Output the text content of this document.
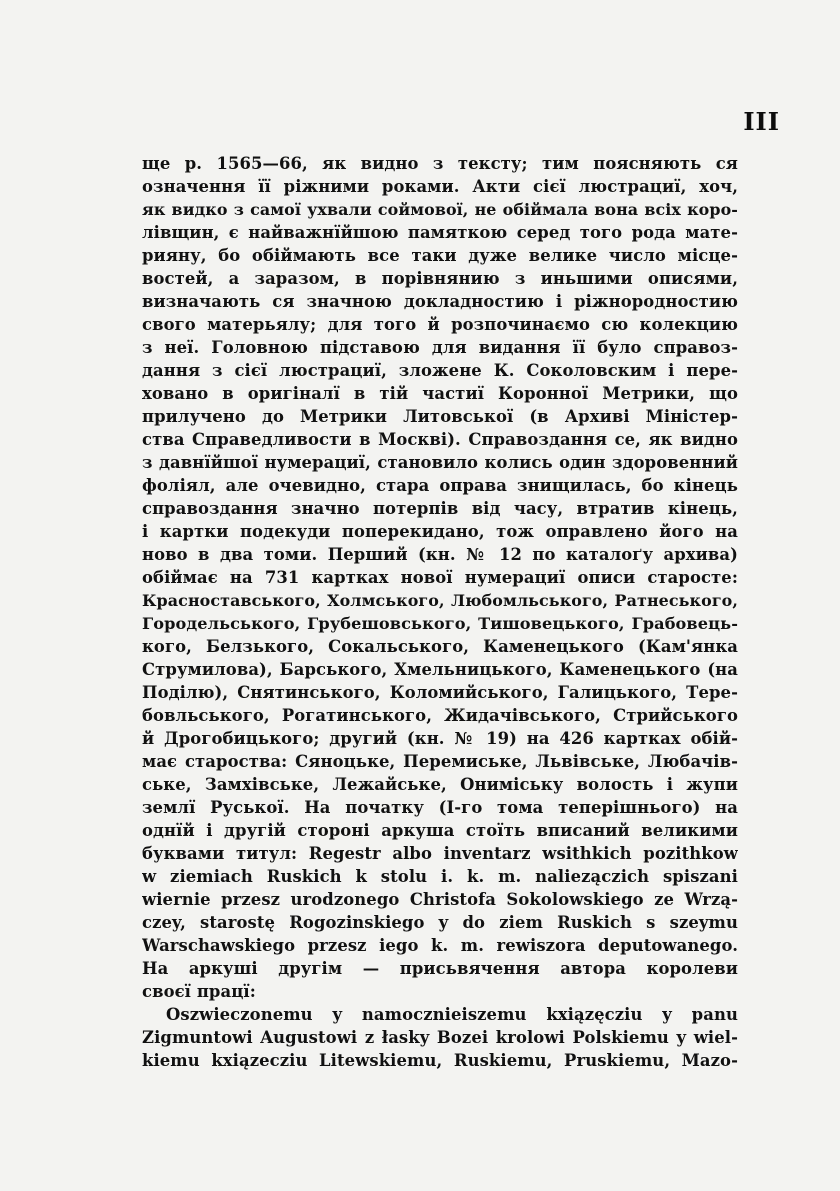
III
ще р. 1565—66, як видно з тексту; тим поясняють ся
означення її ріжними роками. Акти сієї люстрациї, хоч,
як видко з самої ухвали соймової, не обіймала вона всіх коро-
лівщин, є найважнїйшою памяткою серед того рода мате-
рияну, бо обіймають все таки дуже велике число місце-
востей, а заразом, в порівнянию з иньшими описями,
визначають ся значною докладностию і ріжнородностию
свого матерьялу; для того й розпочинаємо сю колекцию
з неї. Головною підставою для видання її було справоз-
дання з сієї люстрациї, зложене К. Соколовским і пере-
ховано в оригіналї в тій частиї Коронної Метрики, що
прилучено до Метрики Литовської (в Архиві Міністер-
ства Справедливости в Москві). Справоздання се, як видно
з давнїйшої нумерациї, становило колись один здоровенний
фоліял, але очевидно, стара оправа знищилась, бо кінець
справоздання значно потерпів від часу, втратив кінець,
і картки подекуди поперекидано, тож оправлено його на
ново в два томи. Перший (кн. № 12 по каталоґу архива)
обіймає на 731 картках нової нумерациї описи старосте:
Красноставського, Холмського, Любомльського, Ратнеського,
Городельського, Грубешовського, Тишовецького, Грабовець-
кого, Белзького, Сокальського, Каменецького (Кам'янка
Струмилова), Барського, Хмельницького, Каменецького (на
Поділю), Снятинського, Коломийського, Галицького, Тере-
бовльського, Рогатинського, Жидачівського, Стрийського
й Дрогобицького; другий (кн. № 19) на 426 картках обій-
має староства: Сяноцьке, Перемиське, Львівське, Любачів-
ське, Замхівське, Лежайське, Ониміську волость і жупи
землї Руської. На початку (I-го тома теперішнього) на
однїй і другій стороні аркуша стоїть вписаний великими
буквами титул: Regestr albo inventarz wsithkich pozithkow
w ziemiach Ruskich k stolu i. k. m. naliezączich spiszani
wiernie przesz urodzonego Christofa Sokolowskiego ze Wrzą-
czey, starostę Rogozinskiego y do ziem Ruskich s szeymu
Warschawskiego przesz iego k. m. rewiszora deputowanego.
На аркуші другім — присьвячення автора королеви
своєї працї:
Oszwieczonemu y namocznieiszemu kxiązęcziu y panu
Zigmuntowi Augustowi z łasky Bozei krolowi Polskiemu y wiel-
kiemu kxiązecziu Litewskiemu, Ruskiemu, Pruskiemu, Mazo-
